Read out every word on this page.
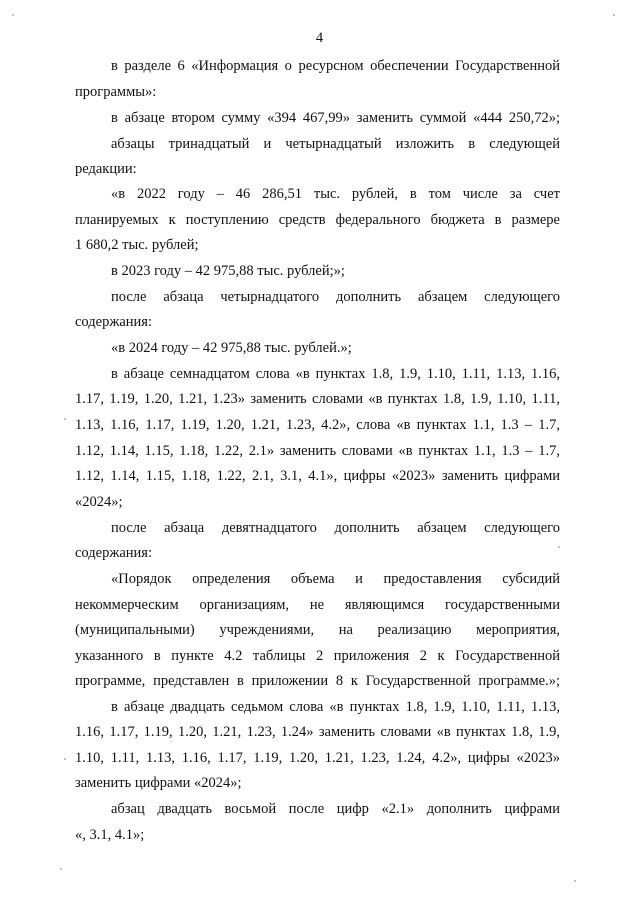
4
в разделе 6 «Информация о ресурсном обеспечении Государственной
программы»:
в абзаце втором сумму «394 467,99» заменить суммой «444 250,72»;
абзацы тринадцатый и четырнадцатый изложить в следующей
редакции:
«в 2022 году – 46 286,51 тыс. рублей, в том числе за счет
планируемых к поступлению средств федерального бюджета в размере
1 680,2 тыс. рублей;
в 2023 году – 42 975,88 тыс. рублей;»;
после абзаца четырнадцатого дополнить абзацем следующего
содержания:
«в 2024 году – 42 975,88 тыс. рублей.»;
в абзаце семнадцатом слова «в пунктах 1.8, 1.9, 1.10, 1.11, 1.13, 1.16,
1.17, 1.19, 1.20, 1.21, 1.23» заменить словами «в пунктах 1.8, 1.9, 1.10, 1.11,
1.13, 1.16, 1.17, 1.19, 1.20, 1.21, 1.23, 4.2», слова «в пунктах 1.1, 1.3 – 1.7,
1.12, 1.14, 1.15, 1.18, 1.22, 2.1» заменить словами «в пунктах 1.1, 1.3 – 1.7,
1.12, 1.14, 1.15, 1.18, 1.22, 2.1, 3.1, 4.1», цифры «2023» заменить цифрами
«2024»;
после абзаца девятнадцатого дополнить абзацем следующего
содержания:
«Порядок определения объема и предоставления субсидий
некоммерческим организациям, не являющимся государственными
(муниципальными) учреждениями, на реализацию мероприятия,
указанного в пункте 4.2 таблицы 2 приложения 2 к Государственной
программе, представлен в приложении 8 к Государственной программе.»;
в абзаце двадцать седьмом слова «в пунктах 1.8, 1.9, 1.10, 1.11, 1.13,
1.16, 1.17, 1.19, 1.20, 1.21, 1.23, 1.24» заменить словами «в пунктах 1.8, 1.9,
1.10, 1.11, 1.13, 1.16, 1.17, 1.19, 1.20, 1.21, 1.23, 1.24, 4.2», цифры «2023»
заменить цифрами «2024»;
абзац двадцать восьмой после цифр «2.1» дополнить цифрами
«, 3.1, 4.1»;
